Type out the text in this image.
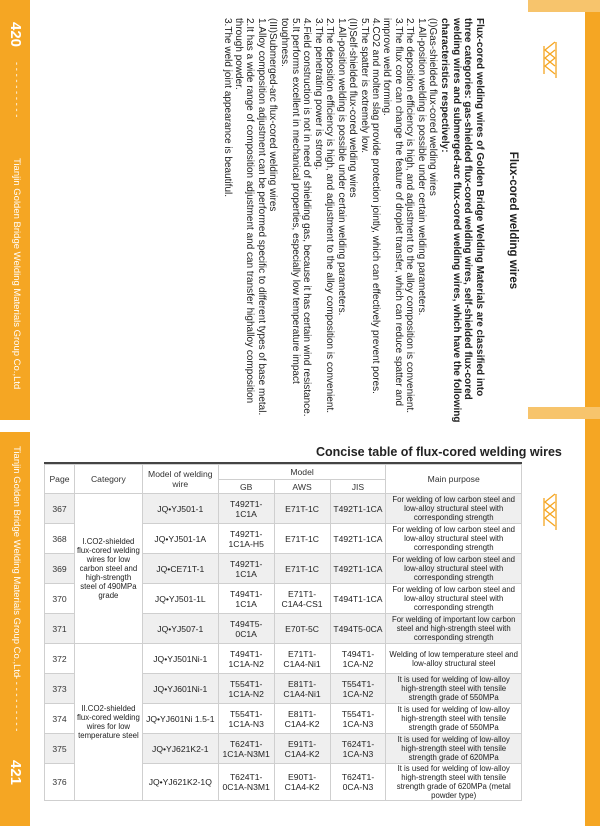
420
- - - - - - - - - -
Tianjin Golden Bridge Welding Materials Group Co.,Ltd
Tianjin Golden Bridge Welding Materials Group Co.,Ltd
- - - - - - - - - -
421
Flux-cored welding wires

Flux-cored welding wires of Golden Bridge Welding Materials are classified into three categories: gas-shielded flux-cored welding wires, self-shielded flux-cored welding wires and submerged-arc flux-cored welding wires, which have the following characteristics respectively:

(I)Gas-shielded flux-cored welding wires

1.All-position welding is possible under certain welding parameters.

2.The deposition efficiency is high, and adjustment to the alloy composition is convenient.

3.The flux core can change the feature of droplet transfer, which can reduce spatter and improve weld forming.

4.CO2 and molten slag provide protection jointly, which can effectively prevent pores.

5.The spatter is extremely low.

(II)Self-shielded flux-cored welding wires

1.All-position welding is possible under certain welding parameters.

2.The deposition efficiency is high, and adjustment to the alloy composition is convenient.

3.The penetrating power is strong.

4.Field construction is not in need of shielding gas, because it has certain wind resistance.

5.It performs excellent in mechanical properties, especially low temperature impact toughness.

(III)Submerged-arc flux-cored welding wires

1.Alloy composition adjustment can be performed specific to different types of base metal.

2.It has a wide range of composition adjustment and can transfer highalloy composition through powder.

3.The weld joint appearance is beautiful.

Concise table of flux-cored welding wires
Page	Category	Model of welding wire	Model			Main purpose
			GB	AWS	JIS	
367	I.CO2-shielded flux-cored welding wires for low carbon steel and high-strength steel of 490MPa grade	JQ•YJ501-1	T492T1-1C1A	E71T-1C	T492T1-1CA	For welding of low carbon steel and low-alloy structural steel with corresponding strength
368		JQ•YJ501-1A	T492T1-1C1A-H5	E71T-1C	T492T1-1CA	For welding of low carbon steel and low-alloy structural steel with corresponding strength
369		JQ•CE71T-1	T492T1-1C1A	E71T-1C	T492T1-1CA	For welding of low carbon steel and low-alloy structural steel with corresponding strength
370		JQ•YJ501-1L	T494T1-1C1A	E71T1-C1A4-CS1	T494T1-1CA	For welding of low carbon steel and low-alloy structural steel with corresponding strength
371		JQ•YJ507-1	T494T5-0C1A	E70T-5C	T494T5-0CA	For welding of important low carbon steel and high-strength steel with corresponding strength
372	II.CO2-shielded flux-cored welding wires for low temperature steel	JQ•YJ501Ni-1	T494T1-1C1A-N2	E71T1-C1A4-Ni1	T494T1-1CA-N2	Welding of low temperature steel and low-alloy structural steel
373		JQ•YJ601Ni-1	T554T1-1C1A-N2	E81T1-C1A4-Ni1	T554T1-1CA-N2	It is used for welding of low-alloy high-strength steel with tensile strength grade of 550MPa
374		JQ•YJ601Ni 1.5-1	T554T1-1C1A-N3	E81T1-C1A4-K2	T554T1-1CA-N3	It is used for welding of low-alloy high-strength steel with tensile strength grade of 550MPa
375		JQ•YJ621K2-1	T624T1-1C1A-N3M1	E91T1-C1A4-K2	T624T1-1CA-N3	It is used for welding of low-alloy high-strength steel with tensile strength grade of 620MPa
376		JQ•YJ621K2-1Q	T624T1-0C1A-N3M1	E90T1-C1A4-K2	T624T1-0CA-N3	It is used for welding of low-alloy high-strength steel with tensile strength grade of 620MPa (metal powder type)
